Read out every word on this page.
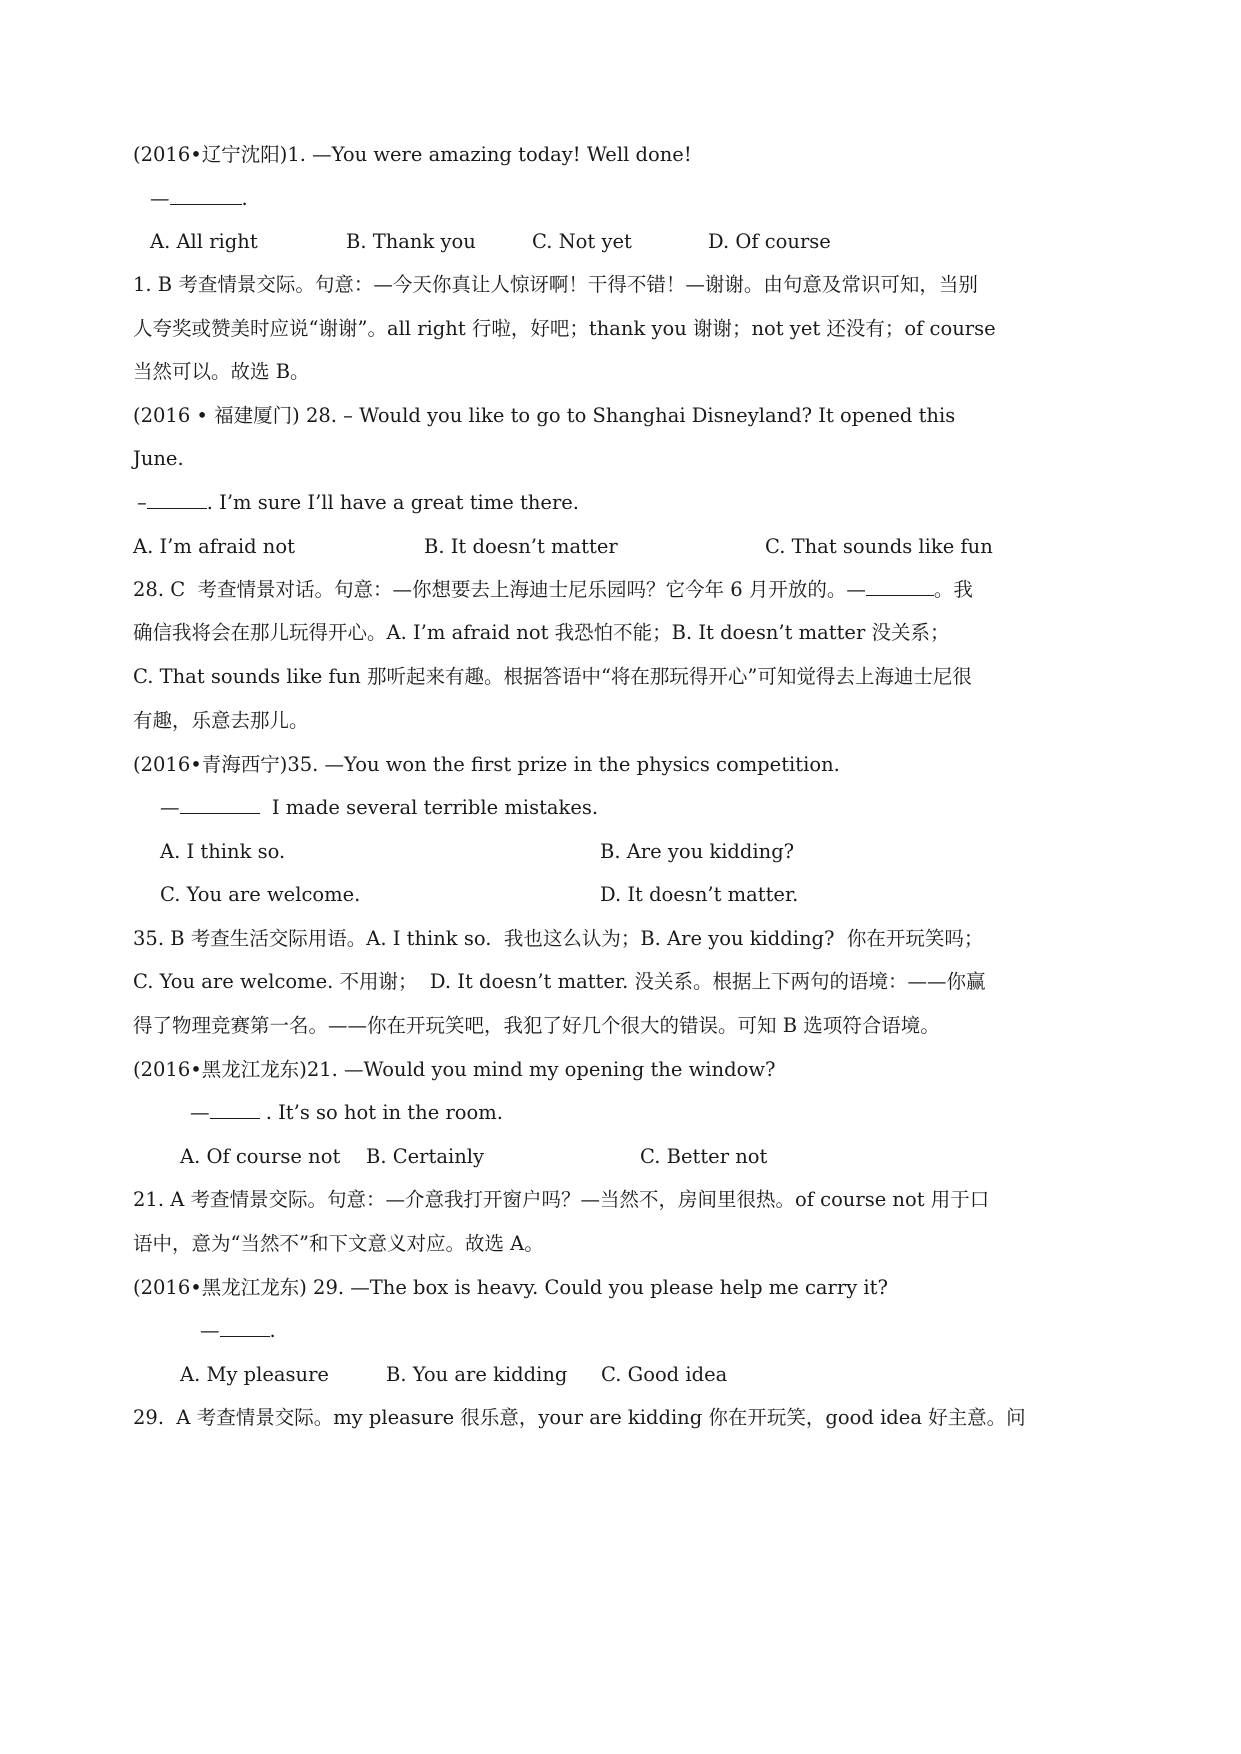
(2016•辽宁沈阳)1. —You were amazing today! Well done!
—	.
A. All right	B. Thank you	C. Not yet	D. Of course
1. B 考查情景交际。句意：—今天你真让人惊讶啊！干得不错！—谢谢。由句意及常识可知，当别
人夸奖或赞美时应说“谢谢”。all right 行啦，好吧；thank you 谢谢；not yet 还没有；of course
当然可以。故选 B。
(2016 • 福建厦门) 28. – Would you like to go to Shanghai Disneyland? It opened this
June.
–	. I’m sure I’ll have a great time there.
A. I’m afraid not	B. It doesn’t matter	C. That sounds like fun
28. C  考查情景对话。句意：—你想要去上海迪士尼乐园吗？它今年 6 月开放的。—	。我
确信我将会在那儿玩得开心。A. I’m afraid not 我恐怕不能；B. It doesn’t matter 没关系；
C. That sounds like fun 那听起来有趣。根据答语中“将在那玩得开心”可知觉得去上海迪士尼很
有趣，乐意去那儿。
(2016•青海西宁)35. —You won the first prize in the physics competition.
—	I made several terrible mistakes.
A. I think so.	B. Are you kidding?
C. You are welcome.	D. It doesn’t matter.
35. B 考查生活交际用语。A. I think so.  我也这么认为；B. Are you kidding?  你在开玩笑吗；
C. You are welcome. 不用谢；  D. It doesn’t matter. 没关系。根据上下两句的语境：——你赢
得了物理竞赛第一名。——你在开玩笑吧，我犯了好几个很大的错误。可知 B 选项符合语境。
(2016•黑龙江龙东)21. —Would you mind my opening the window?
—	. It’s so hot in the room.
A. Of course not B. Certainly	C. Better not
21. A 考查情景交际。句意：—介意我打开窗户吗？—当然不，房间里很热。of course not 用于口
语中，意为“当然不”和下文意义对应。故选 A。
(2016•黑龙江龙东) 29. —The box is heavy. Could you please help me carry it?
—	.
A. My pleasure	B. You are kidding C. Good idea
29.  A 考查情景交际。my pleasure 很乐意，your are kidding 你在开玩笑，good idea 好主意。问
